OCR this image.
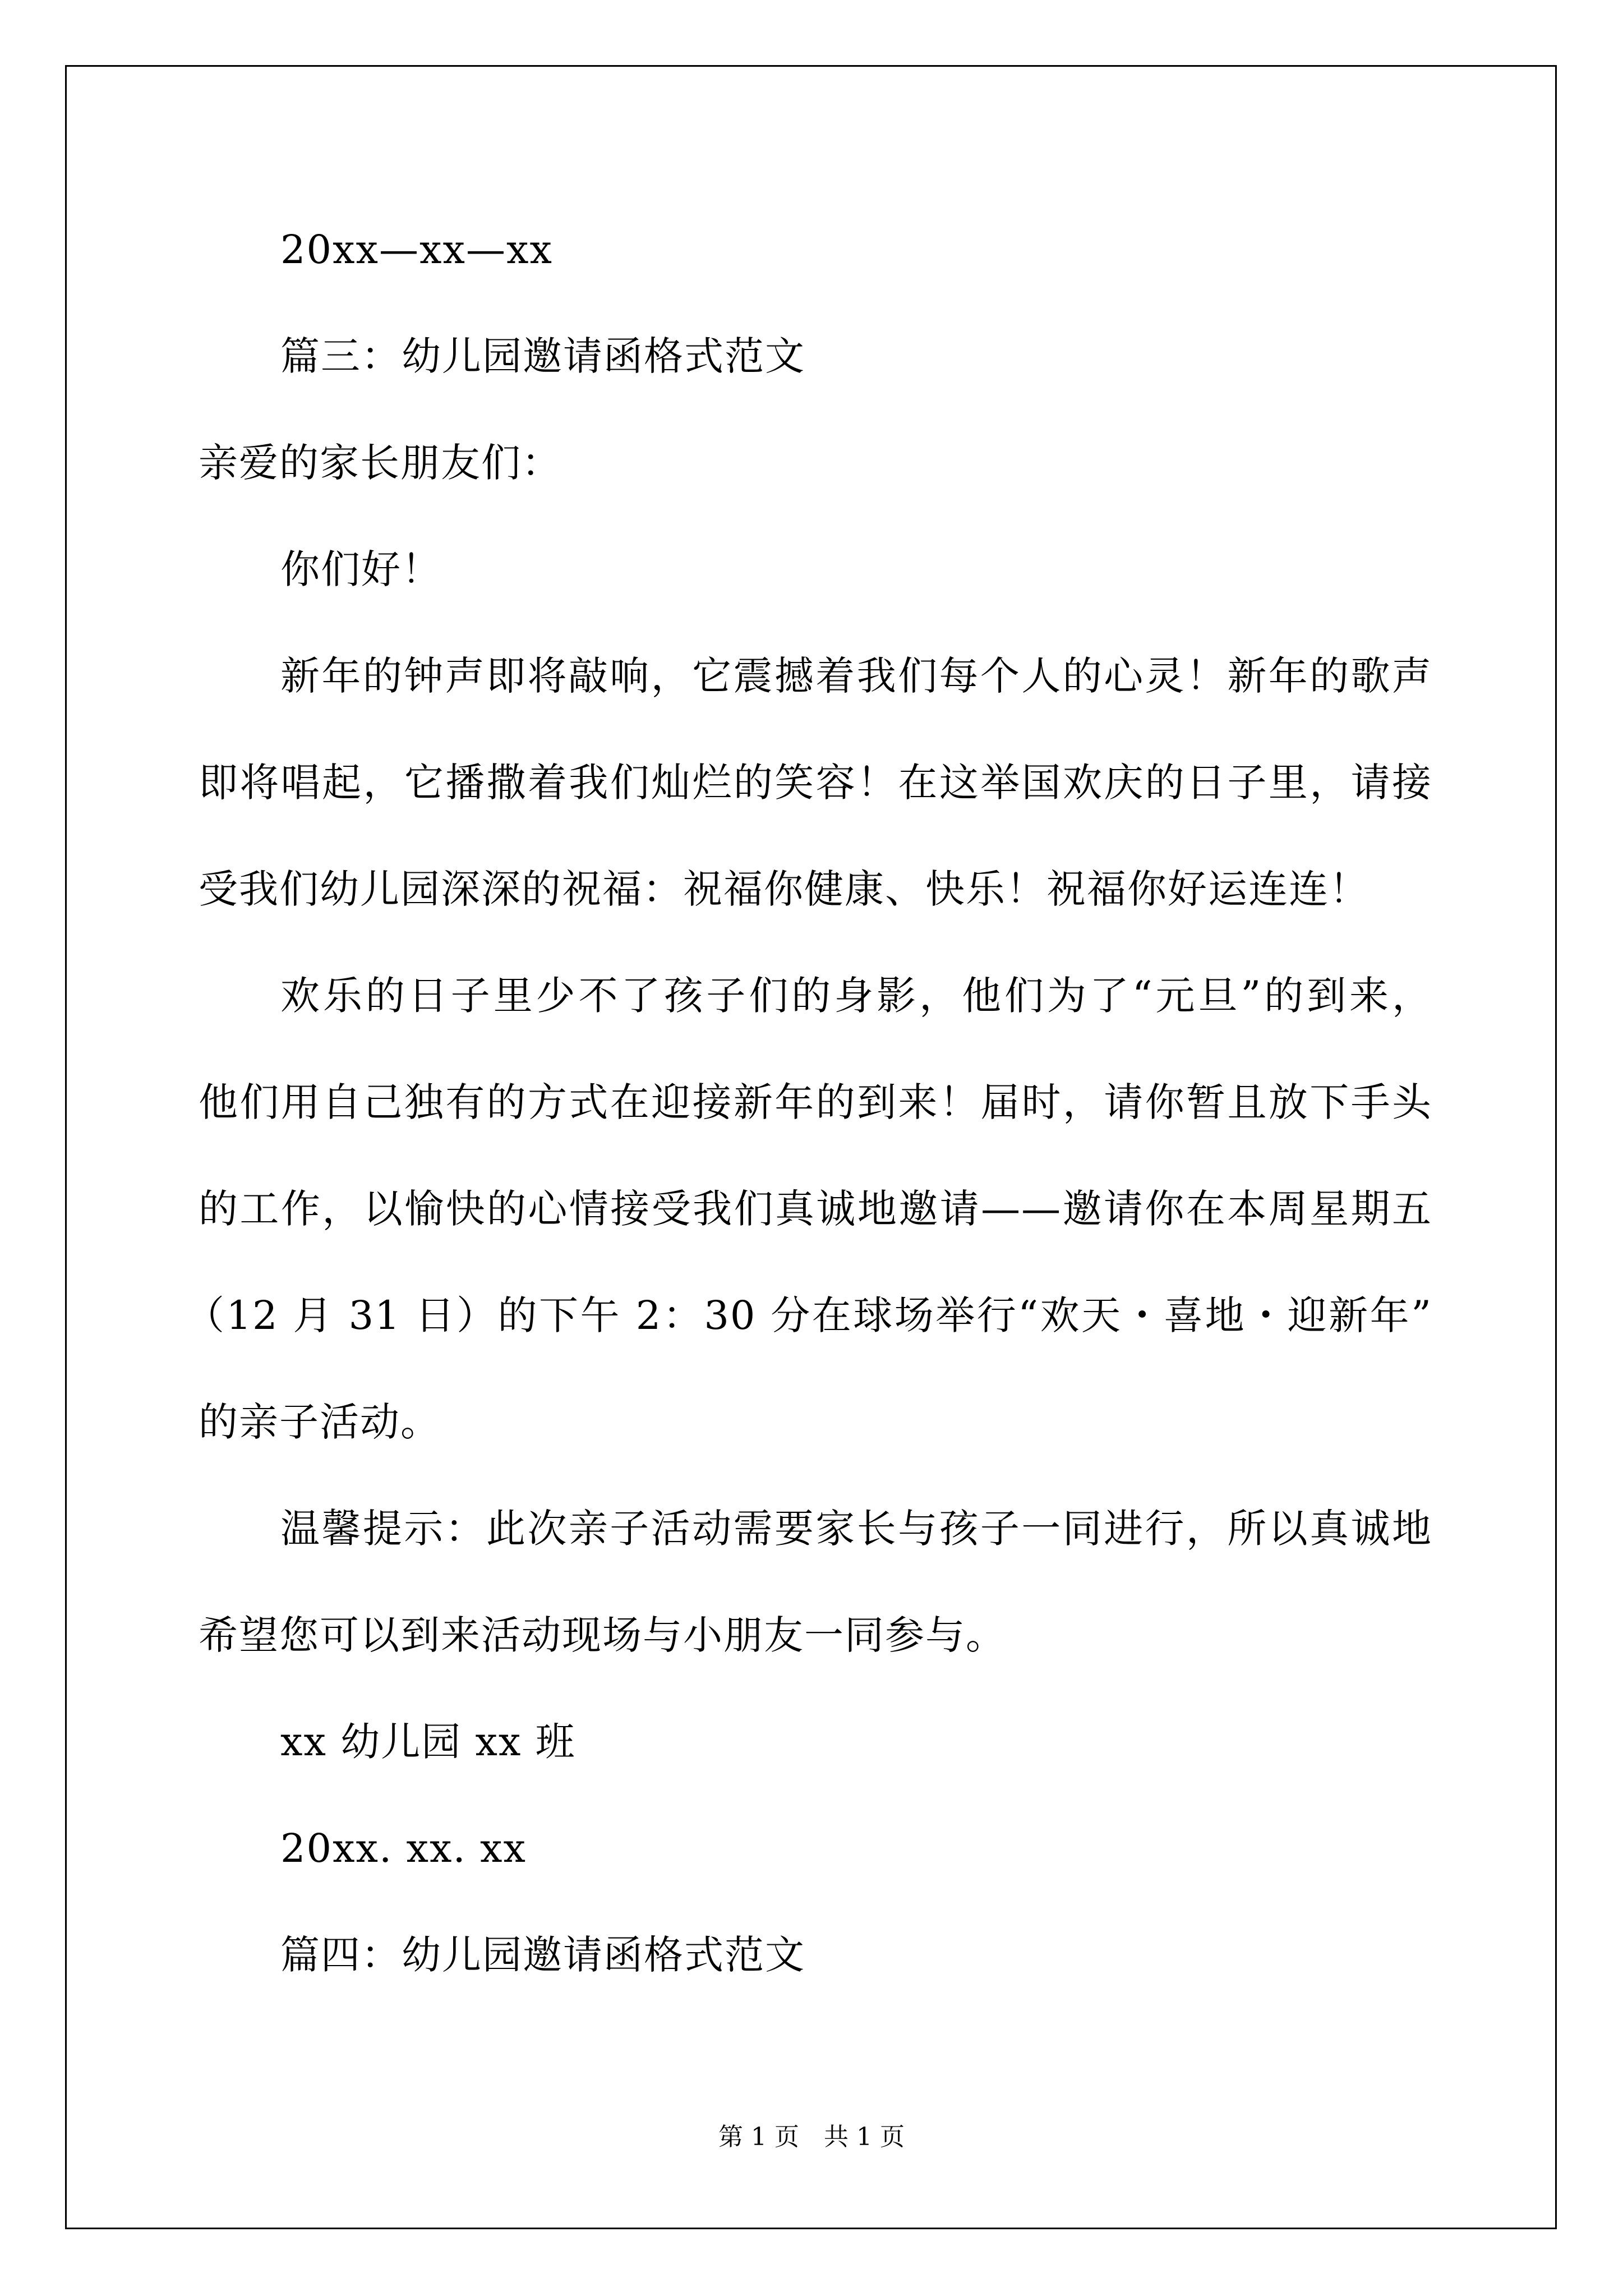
20xx—xx—xx
篇三：幼儿园邀请函格式范文
亲爱的家长朋友们：
你们好！
新年的钟声即将敲响，它震撼着我们每个人的心灵！新年的歌声
即将唱起，它播撒着我们灿烂的笑容！在这举国欢庆的日子里，请接
受我们幼儿园深深的祝福：祝福你健康、快乐！祝福你好运连连！
欢乐的日子里少不了孩子们的身影，他们为了“元旦”的到来，
他们用自己独有的方式在迎接新年的到来！届时，请你暂且放下手头
的工作，以愉快的心情接受我们真诚地邀请——邀请你在本周星期五
（12 月 31 日）的下午 2：30 分在球场举行“欢天・喜地・迎新年”
的亲子活动。
温馨提示：此次亲子活动需要家长与孩子一同进行，所以真诚地
希望您可以到来活动现场与小朋友一同参与。
xx 幼儿园 xx 班
20xx. xx. xx
篇四：幼儿园邀请函格式范文
第 1 页　共 1 页
